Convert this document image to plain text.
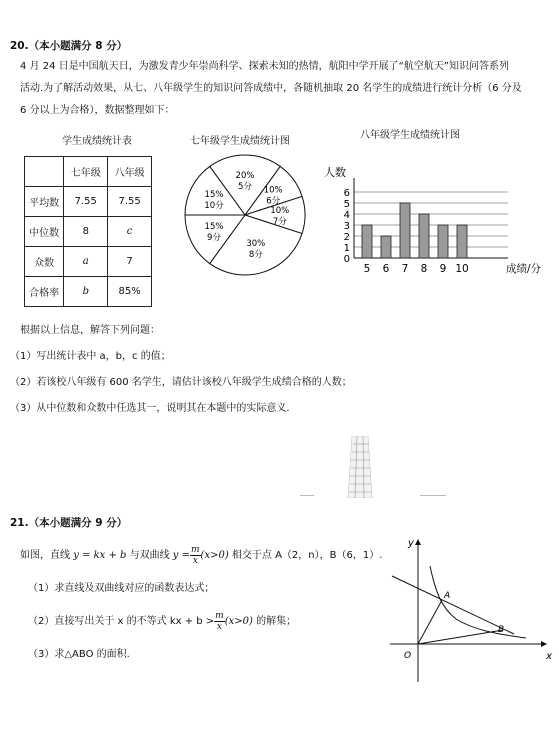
20.（本小题满分 8 分）
4 月 24 日是中国航天日，为激发青少年崇尚科学、探索未知的热情，航阳中学开展了“航空航天”知识问答系列
活动.为了解活动效果，从七、八年级学生的知识问答成绩中，各随机抽取 20 名学生的成绩进行统计分析（6 分及
6 分以上为合格），数据整理如下：
学生成绩统计表
	七年级	八年级
平均数	7.55	7.55
中位数	8	c
众数	a	7
合格率	b	85%
七年级学生成绩统计图
20%
5分 10%
6分
10%
7分
30%
8分
15%
9分
15%
10分
八年级学生成绩统计图
0
1
2
3
4
5
6
5 6 7 8 9 10
人数
成绩/分
根据以上信息，解答下列问题：
（1）写出统计表中 a，b，c 的值；
（2）若该校八年级有 600 名学生，请估计该校八年级学生成绩合格的人数；
（3）从中位数和众数中任选其一，说明其在本题中的实际意义.
21.（本小题满分 9 分）
如图，直线 y = kx + b 与双曲线 $y = \frac{m}{x} (x>0)$ 相交于点 A（2，n），B（6，1）.
（1）求直线及双曲线对应的函数表达式；
（2）直接写出关于 x 的不等式 kx + $b > \frac{m}{x} (x>0)$ 的解集；
（3）求△ABO 的面积.	x
y
O
A
B
